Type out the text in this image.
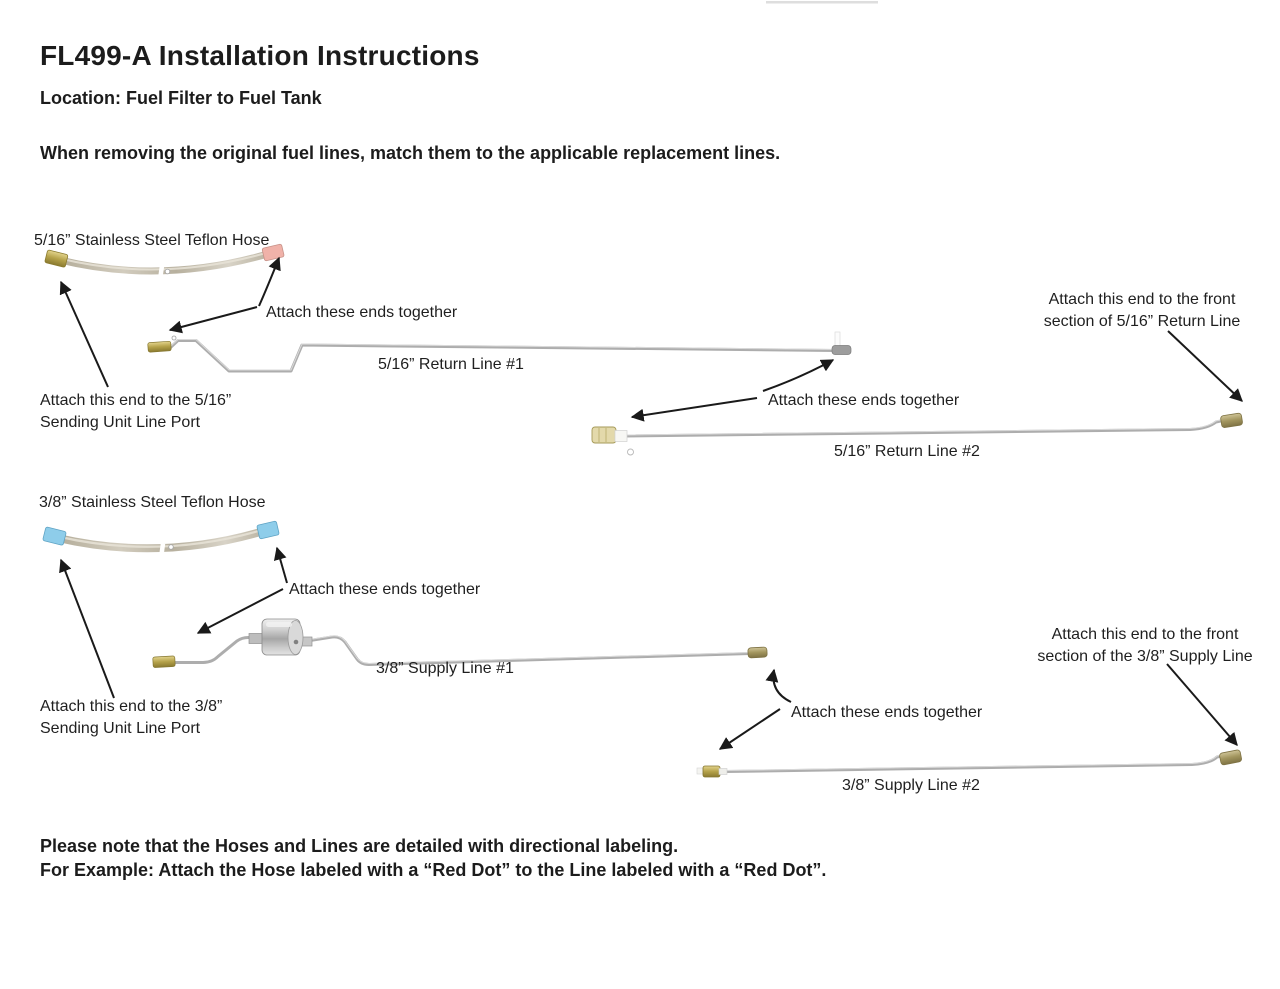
FL499-A Installation Instructions
Location: Fuel Filter to Fuel Tank
When removing the original fuel lines, match them to the applicable replacement lines.
5/16” Stainless Steel Teflon Hose
Attach these ends together
5/16” Return Line #1
Attach this end to the 5/16”
Sending Unit Line Port
Attach this end to the front
section of 5/16” Return Line
Attach these ends together
5/16” Return Line #2
3/8” Stainless Steel Teflon Hose
Attach these ends together
3/8” Supply Line #1
Attach this end to the 3/8”
Sending Unit Line Port
Attach this end to the front
section of the 3/8” Supply Line
Attach these ends together
3/8” Supply Line #2
Please note that the Hoses and Lines are detailed with directional labeling.
For Example: Attach the Hose labeled with a “Red Dot” to the Line labeled with a “Red Dot”.
